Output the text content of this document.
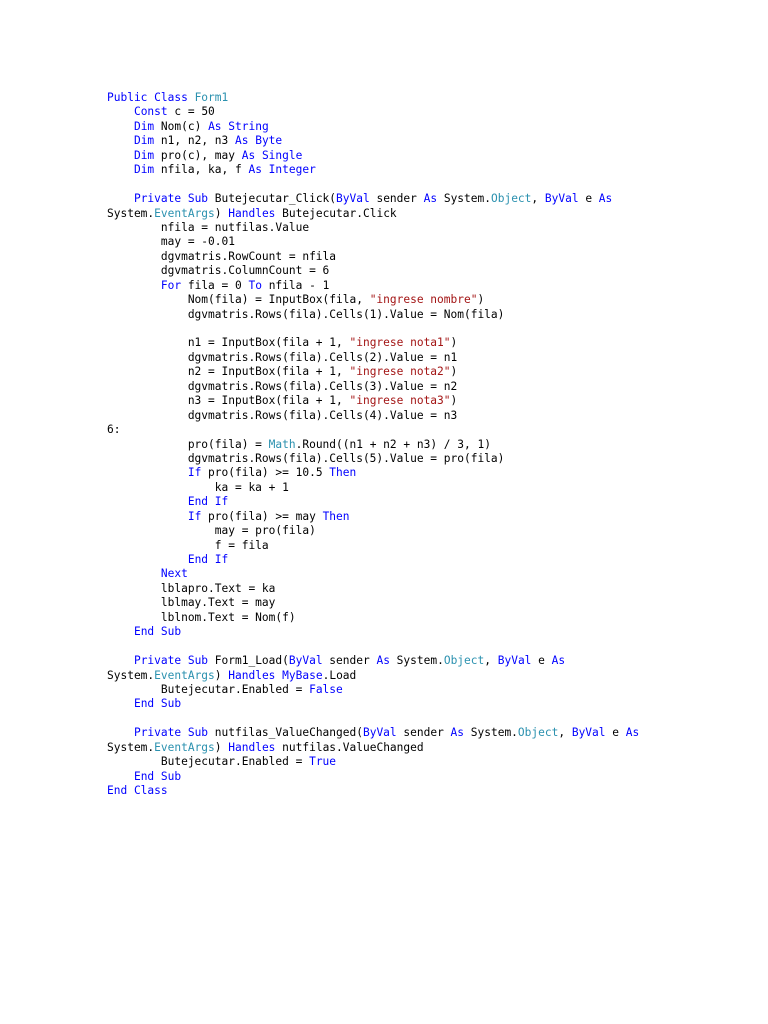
Public Class Form1
Const c = 50
Dim Nom(c) As String
Dim n1, n2, n3 As Byte
Dim pro(c), may As Single
Dim nfila, ka, f As Integer
Private Sub Butejecutar_Click(ByVal sender As System.Object, ByVal e As
System.EventArgs) Handles Butejecutar.Click
nfila = nutfilas.Value
may = -0.01
dgvmatris.RowCount = nfila
dgvmatris.ColumnCount = 6
For fila = 0 To nfila - 1
Nom(fila) = InputBox(fila, "ingrese nombre")
dgvmatris.Rows(fila).Cells(1).Value = Nom(fila)
n1 = InputBox(fila + 1, "ingrese nota1")
dgvmatris.Rows(fila).Cells(2).Value = n1
n2 = InputBox(fila + 1, "ingrese nota2")
dgvmatris.Rows(fila).Cells(3).Value = n2
n3 = InputBox(fila + 1, "ingrese nota3")
dgvmatris.Rows(fila).Cells(4).Value = n3
6:
pro(fila) = Math.Round((n1 + n2 + n3) / 3, 1)
dgvmatris.Rows(fila).Cells(5).Value = pro(fila)
If pro(fila) >= 10.5 Then
ka = ka + 1
End If
If pro(fila) >= may Then
may = pro(fila)
f = fila
End If
Next
lblapro.Text = ka
lblmay.Text = may
lblnom.Text = Nom(f)
End Sub
Private Sub Form1_Load(ByVal sender As System.Object, ByVal e As
System.EventArgs) Handles MyBase.Load
Butejecutar.Enabled = False
End Sub
Private Sub nutfilas_ValueChanged(ByVal sender As System.Object, ByVal e As
System.EventArgs) Handles nutfilas.ValueChanged
Butejecutar.Enabled = True
End Sub
End Class
